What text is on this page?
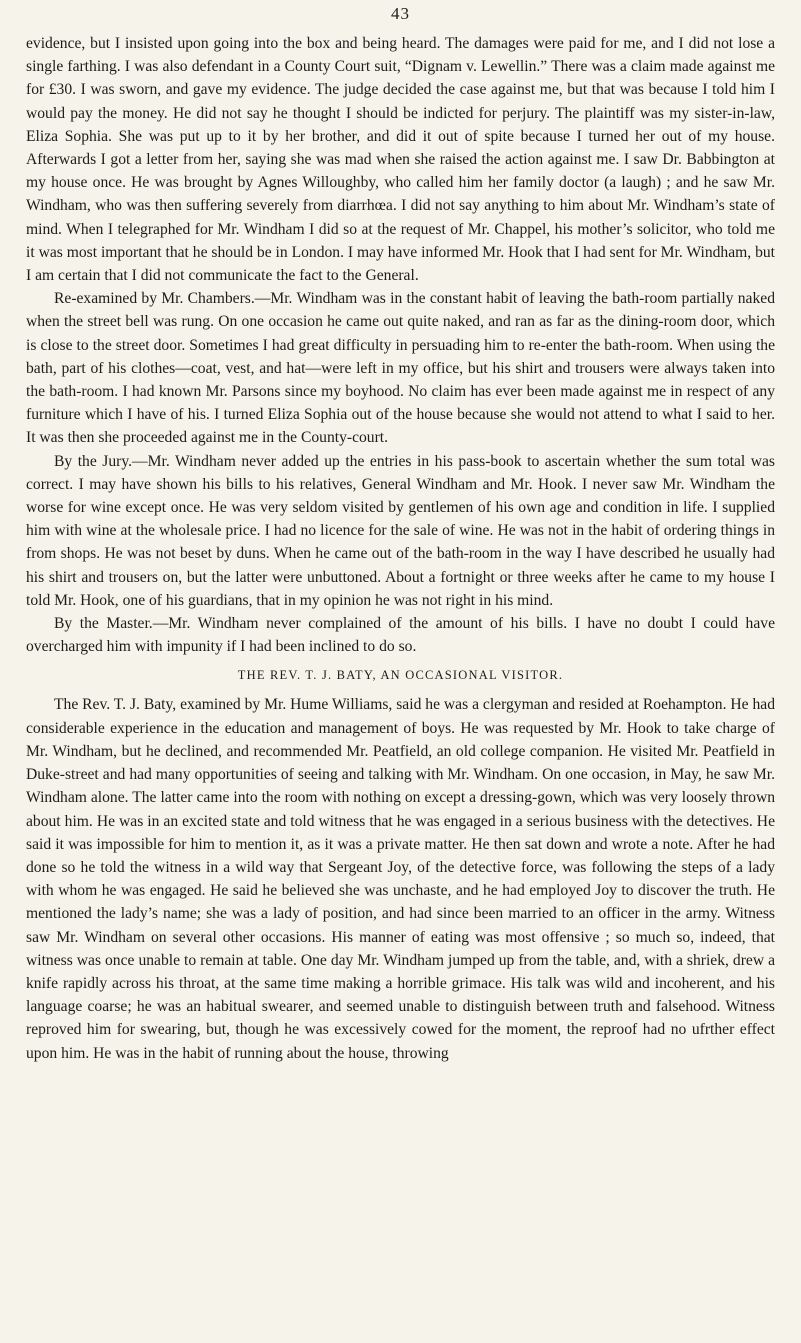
43

evidence, but I insisted upon going into the box and being heard. The damages were paid for me, and I did not lose a single farthing. I was also defendant in a County Court suit, “Dignam v. Lewellin.” There was a claim made against me for £30. I was sworn, and gave my evidence. The judge decided the case against me, but that was because I told him I would pay the money. He did not say he thought I should be indicted for perjury. The plaintiff was my sister-in-law, Eliza Sophia. She was put up to it by her brother, and did it out of spite because I turned her out of my house. Afterwards I got a letter from her, saying she was mad when she raised the action against me. I saw Dr. Babbington at my house once. He was brought by Agnes Willoughby, who called him her family doctor (a laugh) ; and he saw Mr. Windham, who was then suffering severely from diarrhœa. I did not say anything to him about Mr. Windham’s state of mind. When I telegraphed for Mr. Windham I did so at the request of Mr. Chappel, his mother’s solicitor, who told me it was most important that he should be in London. I may have informed Mr. Hook that I had sent for Mr. Windham, but I am certain that I did not communicate the fact to the General.

Re-examined by Mr. Chambers.—Mr. Windham was in the constant habit of leaving the bath-room partially naked when the street bell was rung. On one occasion he came out quite naked, and ran as far as the dining-room door, which is close to the street door. Sometimes I had great difficulty in persuading him to re-enter the bath-room. When using the bath, part of his clothes—coat, vest, and hat—were left in my office, but his shirt and trousers were always taken into the bath-room. I had known Mr. Parsons since my boyhood. No claim has ever been made against me in respect of any furniture which I have of his. I turned Eliza Sophia out of the house because she would not attend to what I said to her. It was then she proceeded against me in the County-court.

By the Jury.—Mr. Windham never added up the entries in his pass-book to ascertain whether the sum total was correct. I may have shown his bills to his relatives, General Windham and Mr. Hook. I never saw Mr. Windham the worse for wine except once. He was very seldom visited by gentlemen of his own age and condition in life. I supplied him with wine at the wholesale price. I had no licence for the sale of wine. He was not in the habit of ordering things in from shops. He was not beset by duns. When he came out of the bath-room in the way I have described he usually had his shirt and trousers on, but the latter were unbuttoned. About a fortnight or three weeks after he came to my house I told Mr. Hook, one of his guardians, that in my opinion he was not right in his mind.

By the Master.—Mr. Windham never complained of the amount of his bills. I have no doubt I could have overcharged him with impunity if I had been inclined to do so.

THE REV. T. J. BATY, AN OCCASIONAL VISITOR.

The Rev. T. J. Baty, examined by Mr. Hume Williams, said he was a clergyman and resided at Roehampton. He had considerable experience in the education and management of boys. He was requested by Mr. Hook to take charge of Mr. Windham, but he declined, and recommended Mr. Peatfield, an old college companion. He visited Mr. Peatfield in Duke-street and had many opportunities of seeing and talking with Mr. Windham. On one occasion, in May, he saw Mr. Windham alone. The latter came into the room with nothing on except a dressing-gown, which was very loosely thrown about him. He was in an excited state and told witness that he was engaged in a serious business with the detectives. He said it was impossible for him to mention it, as it was a private matter. He then sat down and wrote a note. After he had done so he told the witness in a wild way that Sergeant Joy, of the detective force, was following the steps of a lady with whom he was engaged. He said he believed she was unchaste, and he had employed Joy to discover the truth. He mentioned the lady’s name; she was a lady of position, and had since been married to an officer in the army. Witness saw Mr. Windham on several other occasions. His manner of eating was most offensive ; so much so, indeed, that witness was once unable to remain at table. One day Mr. Windham jumped up from the table, and, with a shriek, drew a knife rapidly across his throat, at the same time making a horrible grimace. His talk was wild and incoherent, and his language coarse; he was an habitual swearer, and seemed unable to distinguish between truth and falsehood. Witness reproved him for swearing, but, though he was excessively cowed for the moment, the reproof had no ufrther effect upon him. He was in the habit of running about the house, throwing
